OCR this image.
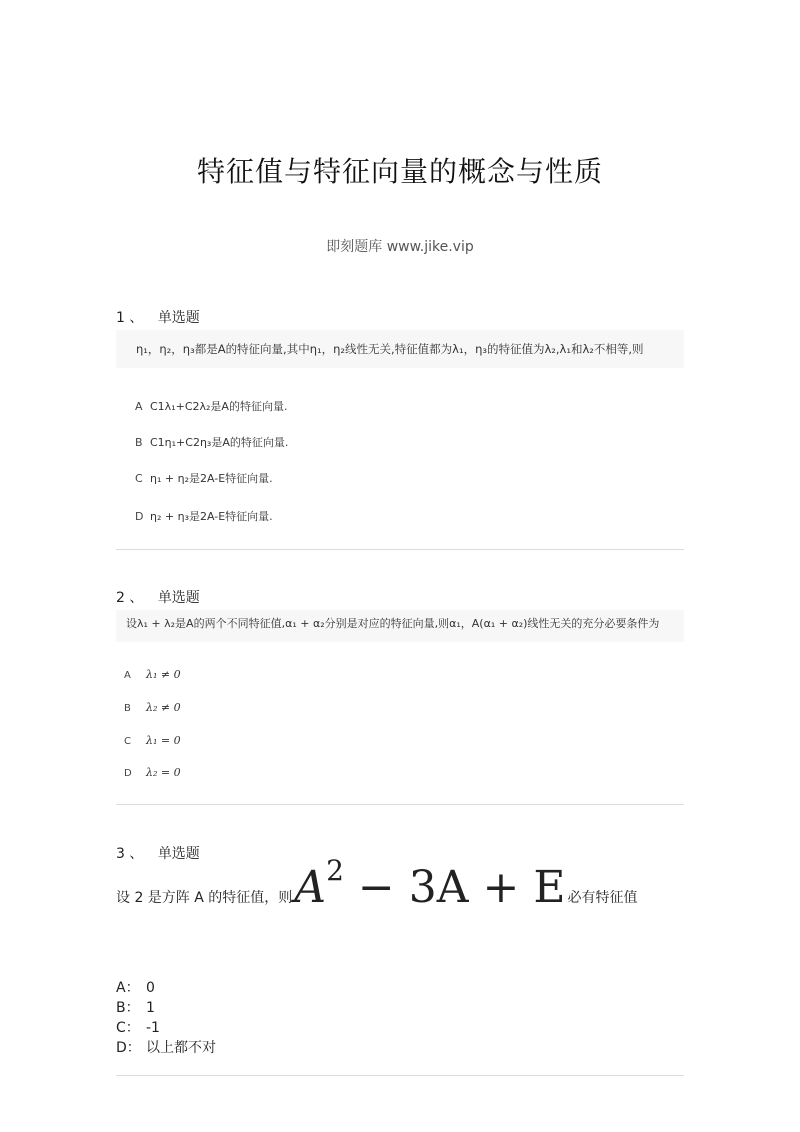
特征值与特征向量的概念与性质
即刻题库 www.jike.vip
1 、 单选题
η₁，η₂，η₃都是A的特征向量,其中η₁，η₂线性无关,特征值都为λ₁，η₃的特征值为λ₂,λ₁和λ₂不相等,则
A C1λ₁+C2λ₂是A的特征向量.
B C1η₁+C2η₃是A的特征向量.
C η₁ + η₂是2A-E特征向量.
D η₂ + η₃是2A-E特征向量.
2 、 单选题
设λ₁ + λ₂是A的两个不同特征值,α₁ + α₂分别是对应的特征向量,则α₁，A(α₁ + α₂)线性无关的充分必要条件为
A λ₁ ≠ 0
B λ₂ ≠ 0
C λ₁ = 0
D λ₂ = 0
3 、 单选题
设 2 是方阵 A 的特征值，则$A^2 - 3A + E$ 必有特征值
A： 0
B： 1
C： -1
D： 以上都不对
